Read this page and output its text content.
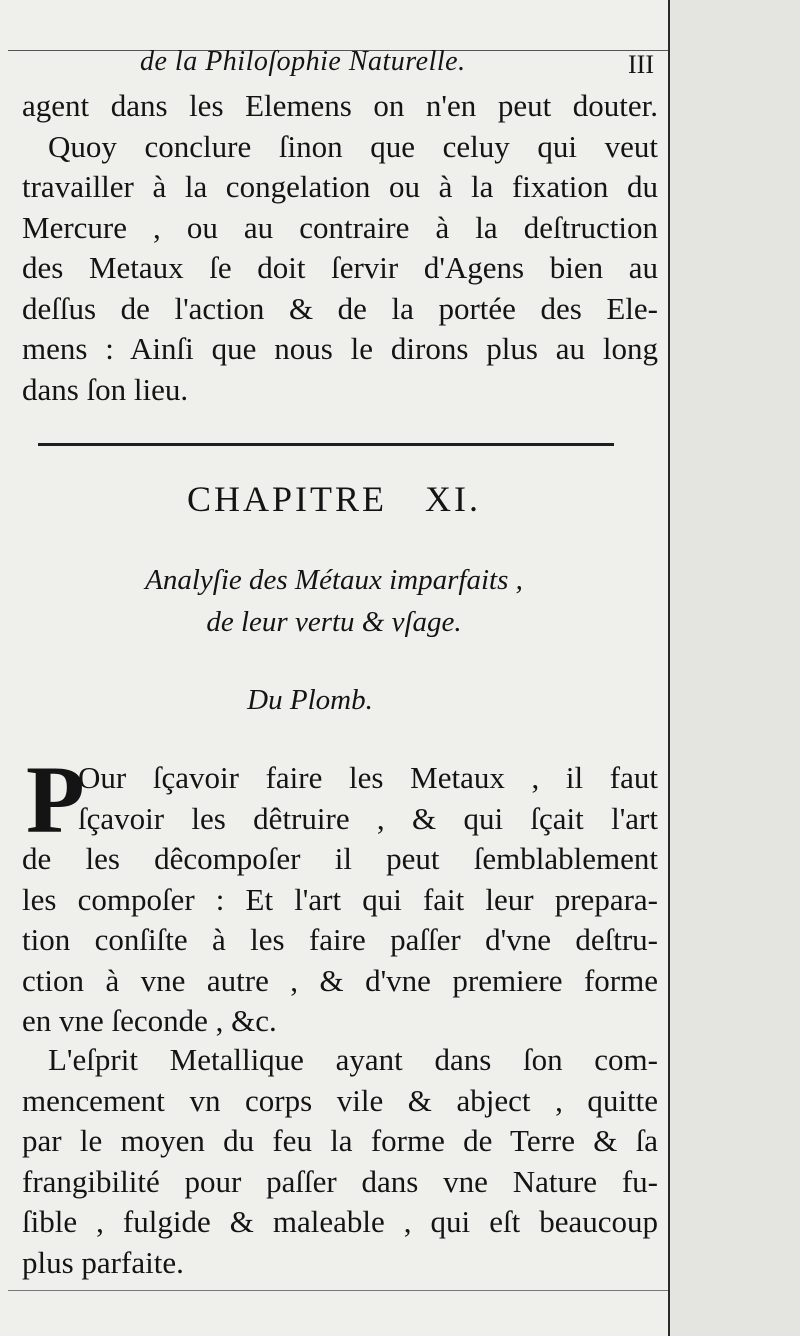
de la Philoſophie Naturelle.	III
agent dans les Elemens on n'en peut douter.
Quoy conclure ſinon que celuy qui veut
travailler à la congelation ou à la fixation du
Mercure , ou au contraire à la deſtruction
des Metaux ſe doit ſervir d'Agens bien au
deſſus de l'action & de la portée des Ele-
mens : Ainſi que nous le dirons plus au long
dans ſon lieu.
CHAPITRE XI.
Analyſie des Métaux imparfaits ,
de leur vertu & vſage.
Du Plomb.
P
Our ſçavoir faire les Metaux , il faut
ſçavoir les dêtruire , & qui ſçait l'art
de les dêcompoſer il peut ſemblablement
les compoſer : Et l'art qui fait leur prepara-
tion conſiſte à les faire paſſer d'vne deſtru-
ction à vne autre , & d'vne premiere forme
en vne ſeconde , &c.
L'eſprit Metallique ayant dans ſon com-
mencement vn corps vile & abject , quitte
par le moyen du feu la forme de Terre & ſa
frangibilité pour paſſer dans vne Nature fu-
ſible , fulgide & maleable , qui eſt beaucoup
plus parfaite.
